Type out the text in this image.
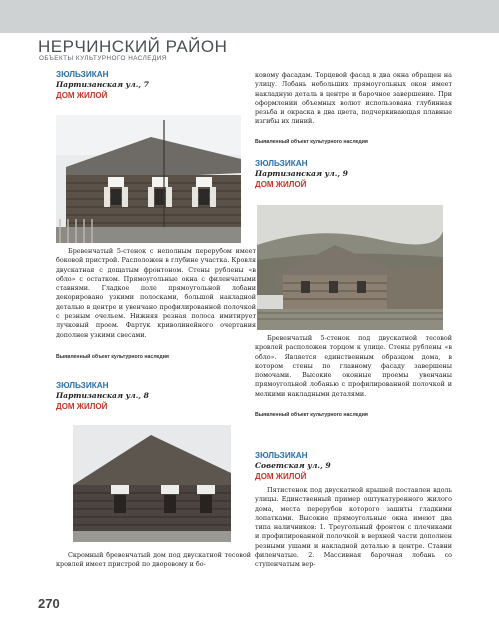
НЕРЧИНСКИЙ РАЙОН
ОБЪЕКТЫ КУЛЬТУРНОГО НАСЛЕДИЯ
ЗЮЛЬЗИКАН
Партизанская ул., 7
ДОМ ЖИЛОЙ

Бревенчатый 5-стенок с неполным перерубом имеет боковой пристрой. Расположен в глубине участка. Кровля двускатная с дощатым фронтоном. Стены рублены «в обло» с остатком. Прямоугольные окна с филенчатыми ставнями. Гладкое поле прямоугольной лобани декорировано узкими полосками, большой накладной деталью в центре и увенчано профилированной полочкой с резным очельем. Нижняя резная полоса имитирует лучковый проем. Фартук криволинейного очертания дополнен узкими свесами.

Выявленный объект культурного наследия
ЗЮЛЬЗИКАН
Партизанская ул., 8
ДОМ ЖИЛОЙ

Скромный бревенчатый дом под двускатной тесовой кровлей имеет пристрой по дворовому и бо-

ковому фасадам. Торцевой фасад в два окна обращен на улицу. Лобань небольших прямоугольных окон имеет накладную деталь в центре и барочное завершение. При оформлении объемных волют использована глубинная резьба и окраска в два цвета, подчеркивающая плавные изгибы их линий.

Выявленный объект культурного наследия
ЗЮЛЬЗИКАН
Партизанская ул., 9
ДОМ ЖИЛОЙ

Бревенчатый 5-стенок под двускатной тесовой кровлей расположен торцом к улице. Стены рублены «в обло». Является единственным образцом дома, в котором стены по главному фасаду завершены помочами. Высокие оконные проемы увенчаны прямоугольной лобанью с профилированной полочкой и мелкими накладными деталями.

Выявленный объект культурного наследия
ЗЮЛЬЗИКАН
Советская ул., 9
ДОМ ЖИЛОЙ

Пятистенок под двускатной крышей поставлен вдоль улицы. Единственный пример оштукатуренного жилого дома, места перерубов которого зашиты гладкими лопатками. Высокие прямоугольные окна имеют два типа наличников: 1. Треугольный фронтон с плечиками и профилированной полочкой в верхней части дополнен резными ушами и накладной деталью в центре. Ставни филенчатые. 2. Массивная барочная лобань со ступенчатым вер-

270
